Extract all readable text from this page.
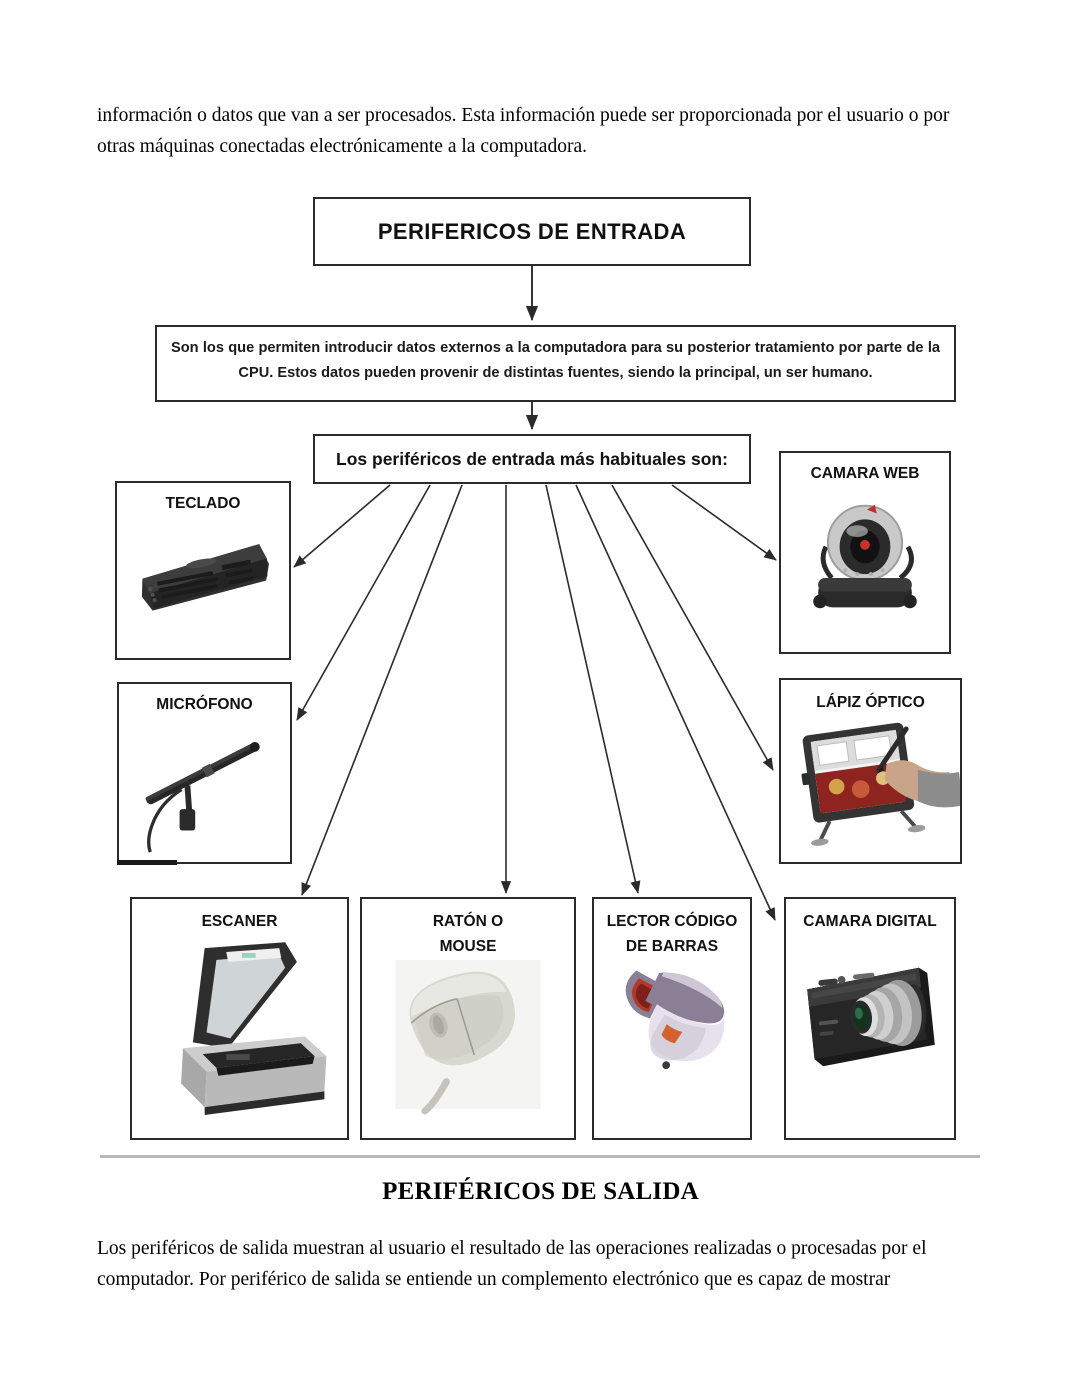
información o datos que van a ser procesados. Esta información puede ser proporcionada por el usuario o por otras máquinas conectadas electrónicamente a la computadora.
PERIFERICOS DE ENTRADA
Son los que permiten introducir datos externos a la computadora para su posterior tratamiento por parte de la CPU. Estos datos pueden provenir de distintas fuentes, siendo la principal, un ser humano.
Los periféricos de entrada más habituales son:
TECLADO
CAMARA WEB
MICRÓFONO	LÁPIZ ÓPTICO
ESCANER	RATÓN O
MOUSE
LECTOR CÓDIGO
DE BARRAS
CAMARA DIGITAL
PERIFÉRICOS DE SALIDA
Los periféricos de salida muestran al usuario el resultado de las operaciones realizadas o procesadas por el computador. Por periférico de salida se entiende un complemento electrónico que es capaz de mostrar
